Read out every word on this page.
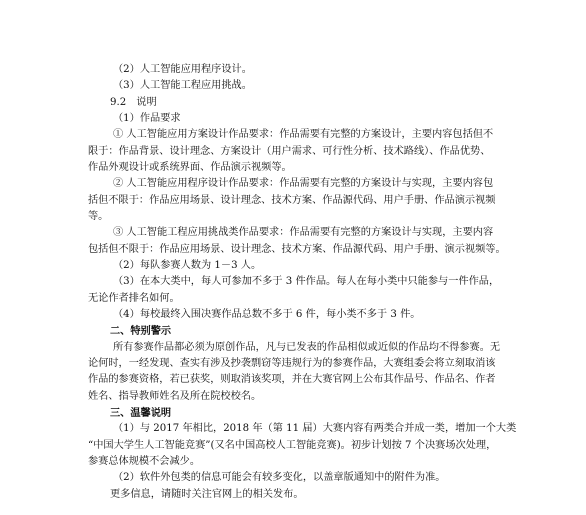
（2）人工智能应用程序设计。
（3）人工智能工程应用挑战。
9.2　说明
（1）作品要求
① 人工智能应用方案设计作品要求：作品需要有完整的方案设计，主要内容包括但不
限于：作品背景、设计理念、方案设计（用户需求、可行性分析、技术路线）、作品优势、
作品外观设计或系统界面、作品演示视频等。
② 人工智能应用程序设计作品要求：作品需要有完整的方案设计与实现，主要内容包
括但不限于：作品应用场景、设计理念、技术方案、作品源代码、用户手册、作品演示视频
等。
③ 人工智能工程应用挑战类作品要求：作品需要有完整的方案设计与实现，主要内容
包括但不限于：作品应用场景、设计理念、技术方案、作品源代码、用户手册、演示视频等。
（2）每队参赛人数为 1－3 人。
（3）在本大类中，每人可参加不多于 3 件作品。每人在每小类中只能参与一件作品，
无论作者排名如何。
（4）每校最终入围决赛作品总数不多于 6 件，每小类不多于 3 件。
二、特别警示
所有参赛作品都必须为原创作品，凡与已发表的作品相似或近似的作品均不得参赛。无
论何时，一经发现、查实有涉及抄袭剽窃等违规行为的参赛作品，大赛组委会将立刻取消该
作品的参赛资格，若已获奖，则取消该奖项，并在大赛官网上公布其作品号、作品名、作者
姓名、指导教师姓名及所在院校校名。
三、温馨说明
（1）与 2017 年相比，2018 年（第 11 届）大赛内容有两类合并成一类，增加一个大类
“中国大学生人工智能竞赛”(又名中国高校人工智能竞赛)。初步计划按 7 个决赛场次处理，
参赛总体规模不会减少。
（2）软件外包类的信息可能会有较多变化，以盖章版通知中的附件为准。
更多信息，请随时关注官网上的相关发布。
